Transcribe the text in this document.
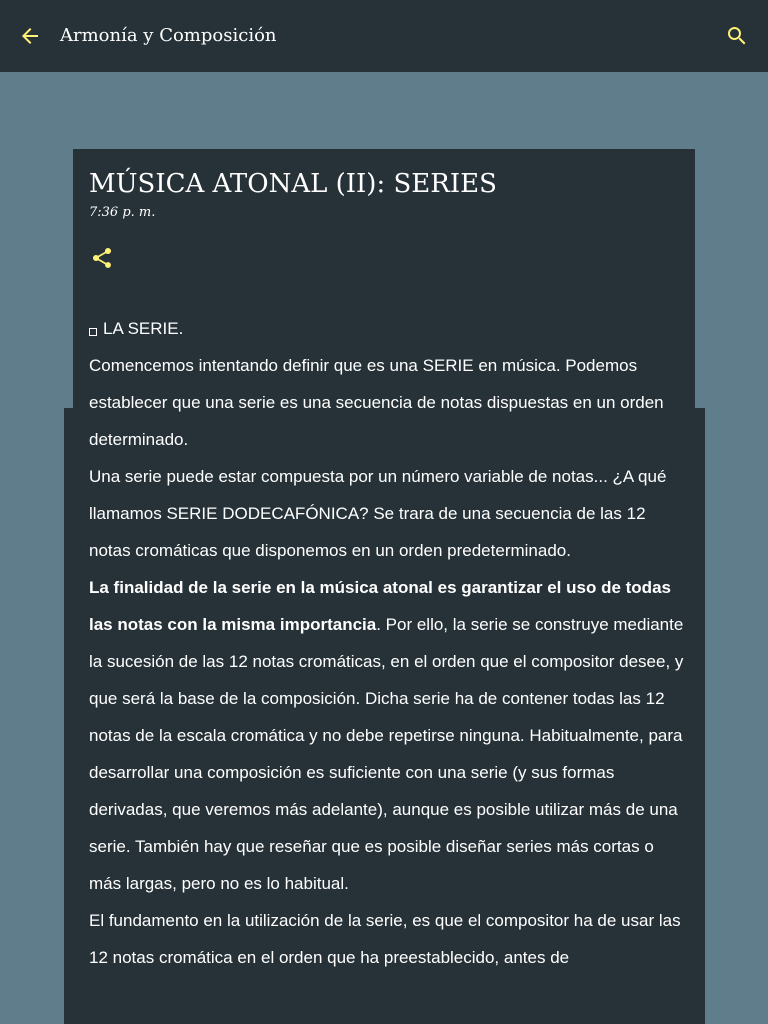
Armonía y Composición
MÚSICA ATONAL (II): SERIES
7:36 p. m.

LA SERIE.

Comencemos intentando definir que es una SERIE en música. Podemos establecer que una serie es una secuencia de notas dispuestas en un orden determinado.

Una serie puede estar compuesta por un número variable de notas... ¿A qué llamamos SERIE DODECAFÓNICA? Se trara de una secuencia de las 12 notas cromáticas que disponemos en un orden predeterminado.

La finalidad de la serie en la música atonal es garantizar el uso de todas las notas con la misma importancia. Por ello, la serie se construye mediante la sucesión de las 12 notas cromáticas, en el orden que el compositor desee, y que será la base de la composición. Dicha serie ha de contener todas las 12 notas de la escala cromática y no debe repetirse ninguna. Habitualmente, para desarrollar una composición es suficiente con una serie (y sus formas derivadas, que veremos más adelante), aunque es posible utilizar más de una serie. También hay que reseñar que es posible diseñar series más cortas o más largas, pero no es lo habitual.

El fundamento en la utilización de la serie, es que el compositor ha de usar las 12 notas cromática en el orden que ha preestablecido, antes de
